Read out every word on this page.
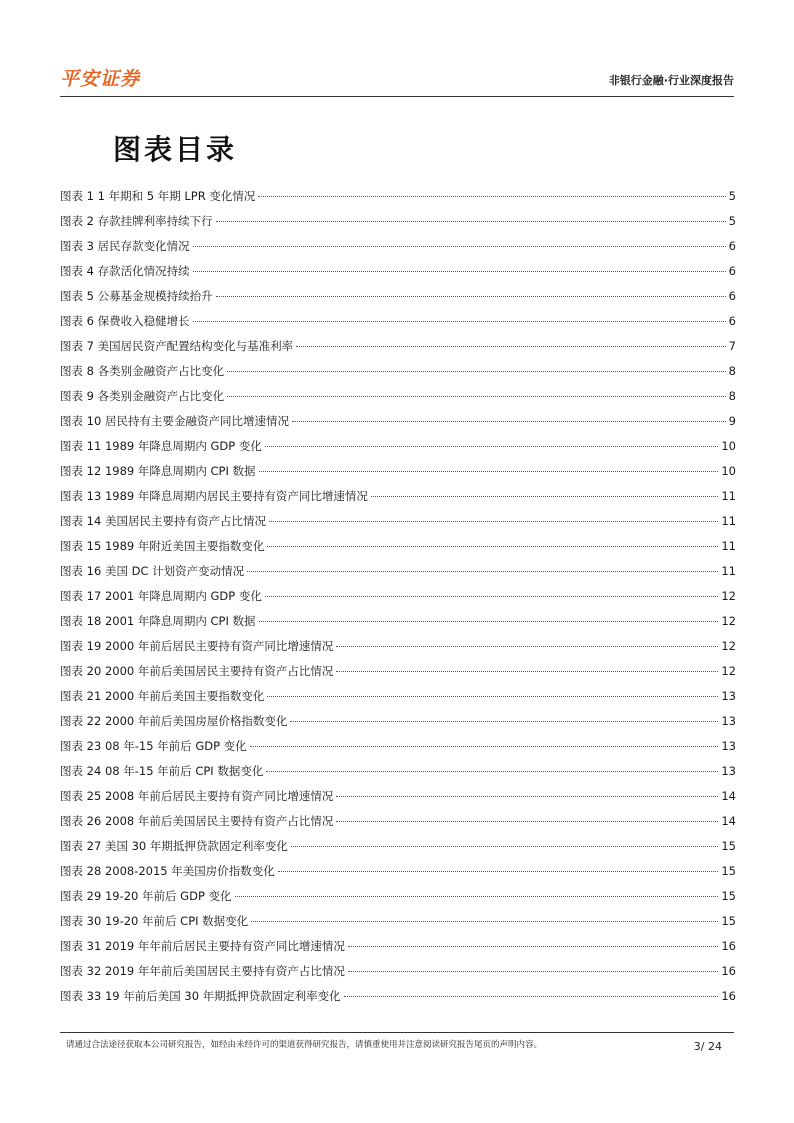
平安证券	非银行金融·行业深度报告
图表目录
图表 1 1 年期和 5 年期 LPR 变化情况	5
图表 2 存款挂牌利率持续下行	5
图表 3 居民存款变化情况	6
图表 4 存款活化情况持续	6
图表 5 公募基金规模持续抬升	6
图表 6 保费收入稳健增长	6
图表 7 美国居民资产配置结构变化与基准利率	7
图表 8 各类别金融资产占比变化	8
图表 9 各类别金融资产占比变化	8
图表 10 居民持有主要金融资产同比增速情况	9
图表 11 1989 年降息周期内 GDP 变化	10
图表 12 1989 年降息周期内 CPI 数据	10
图表 13 1989 年降息周期内居民主要持有资产同比增速情况	11
图表 14 美国居民主要持有资产占比情况	11
图表 15 1989 年附近美国主要指数变化	11
图表 16 美国 DC 计划资产变动情况	11
图表 17 2001 年降息周期内 GDP 变化	12
图表 18 2001 年降息周期内 CPI 数据	12
图表 19 2000 年前后居民主要持有资产同比增速情况	12
图表 20 2000 年前后美国居民主要持有资产占比情况	12
图表 21 2000 年前后美国主要指数变化	13
图表 22 2000 年前后美国房屋价格指数变化	13
图表 23 08 年-15 年前后 GDP 变化	13
图表 24 08 年-15 年前后 CPI 数据变化	13
图表 25 2008 年前后居民主要持有资产同比增速情况	14
图表 26 2008 年前后美国居民主要持有资产占比情况	14
图表 27 美国 30 年期抵押贷款固定利率变化	15
图表 28 2008-2015 年美国房价指数变化	15
图表 29 19-20 年前后 GDP 变化	15
图表 30 19-20 年前后 CPI 数据变化	15
图表 31 2019 年年前后居民主要持有资产同比增速情况	16
图表 32 2019 年年前后美国居民主要持有资产占比情况	16
图表 33 19 年前后美国 30 年期抵押贷款固定利率变化	16
请通过合法途径获取本公司研究报告，如经由未经许可的渠道获得研究报告，请慎重使用并注意阅读研究报告尾页的声明内容。	3/ 24
